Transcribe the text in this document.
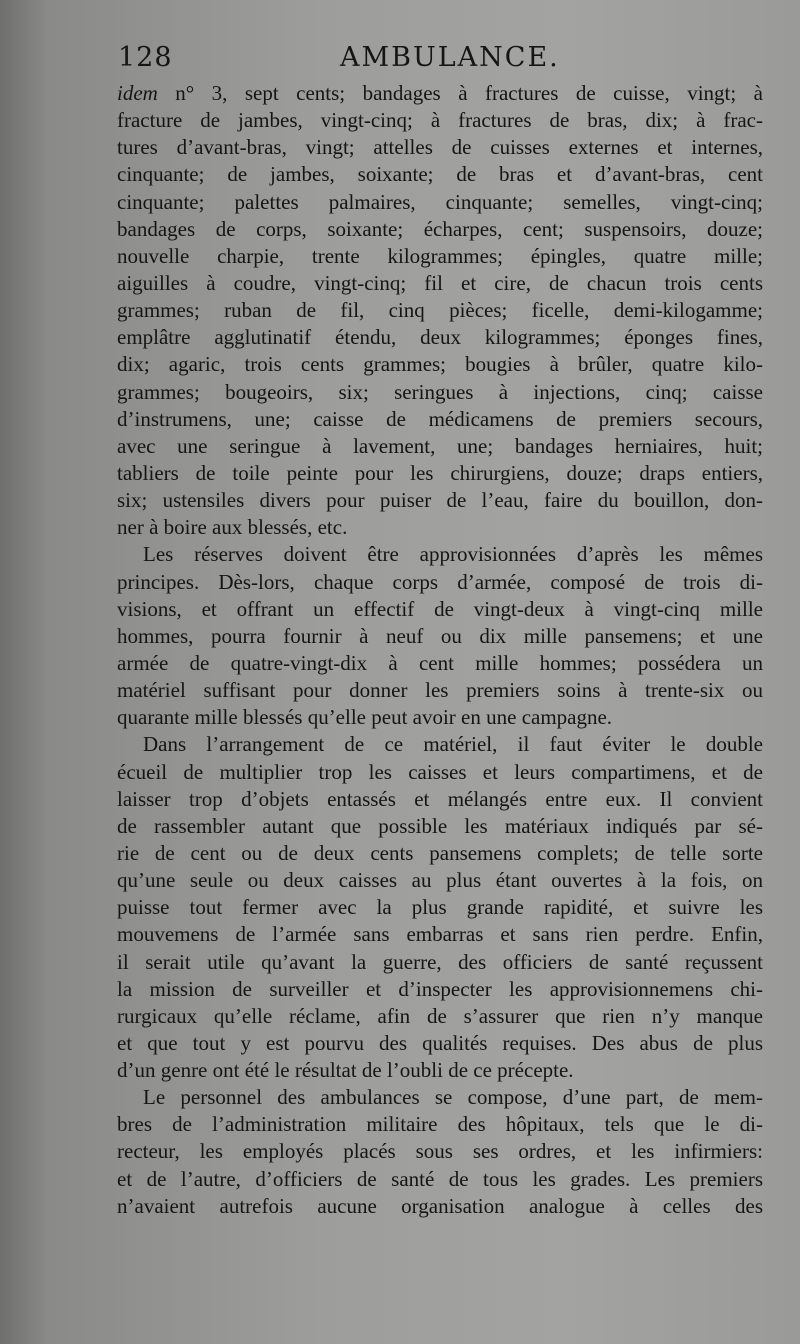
128	AMBULANCE.
idem n° 3, sept cents; bandages à fractures de cuisse, vingt; à
fracture de jambes, vingt-cinq; à fractures de bras, dix; à frac-
tures d’avant-bras, vingt; attelles de cuisses externes et internes,
cinquante; de jambes, soixante; de bras et d’avant-bras, cent
cinquante; palettes palmaires, cinquante; semelles, vingt-cinq;
bandages de corps, soixante; écharpes, cent; suspensoirs, douze;
nouvelle charpie, trente kilogrammes; épingles, quatre mille;
aiguilles à coudre, vingt-cinq; fil et cire, de chacun trois cents
grammes; ruban de fil, cinq pièces; ficelle, demi-kilogamme;
emplâtre agglutinatif étendu, deux kilogrammes; éponges fines,
dix; agaric, trois cents grammes; bougies à brûler, quatre kilo-
grammes; bougeoirs, six; seringues à injections, cinq; caisse
d’instrumens, une; caisse de médicamens de premiers secours,
avec une seringue à lavement, une; bandages herniaires, huit;
tabliers de toile peinte pour les chirurgiens, douze; draps entiers,
six; ustensiles divers pour puiser de l’eau, faire du bouillon, don-
ner à boire aux blessés, etc.
Les réserves doivent être approvisionnées d’après les mêmes
principes. Dès-lors, chaque corps d’armée, composé de trois di-
visions, et offrant un effectif de vingt-deux à vingt-cinq mille
hommes, pourra fournir à neuf ou dix mille pansemens; et une
armée de quatre-vingt-dix à cent mille hommes; possédera un
matériel suffisant pour donner les premiers soins à trente-six ou
quarante mille blessés qu’elle peut avoir en une campagne.
Dans l’arrangement de ce matériel, il faut éviter le double
écueil de multiplier trop les caisses et leurs compartimens, et de
laisser trop d’objets entassés et mélangés entre eux. Il convient
de rassembler autant que possible les matériaux indiqués par sé-
rie de cent ou de deux cents pansemens complets; de telle sorte
qu’une seule ou deux caisses au plus étant ouvertes à la fois, on
puisse tout fermer avec la plus grande rapidité, et suivre les
mouvemens de l’armée sans embarras et sans rien perdre. Enfin,
il serait utile qu’avant la guerre, des officiers de santé reçussent
la mission de surveiller et d’inspecter les approvisionnemens chi-
rurgicaux qu’elle réclame, afin de s’assurer que rien n’y manque
et que tout y est pourvu des qualités requises. Des abus de plus
d’un genre ont été le résultat de l’oubli de ce précepte.
Le personnel des ambulances se compose, d’une part, de mem-
bres de l’administration militaire des hôpitaux, tels que le di-
recteur, les employés placés sous ses ordres, et les infirmiers:
et de l’autre, d’officiers de santé de tous les grades. Les premiers
n’avaient autrefois aucune organisation analogue à celles des
